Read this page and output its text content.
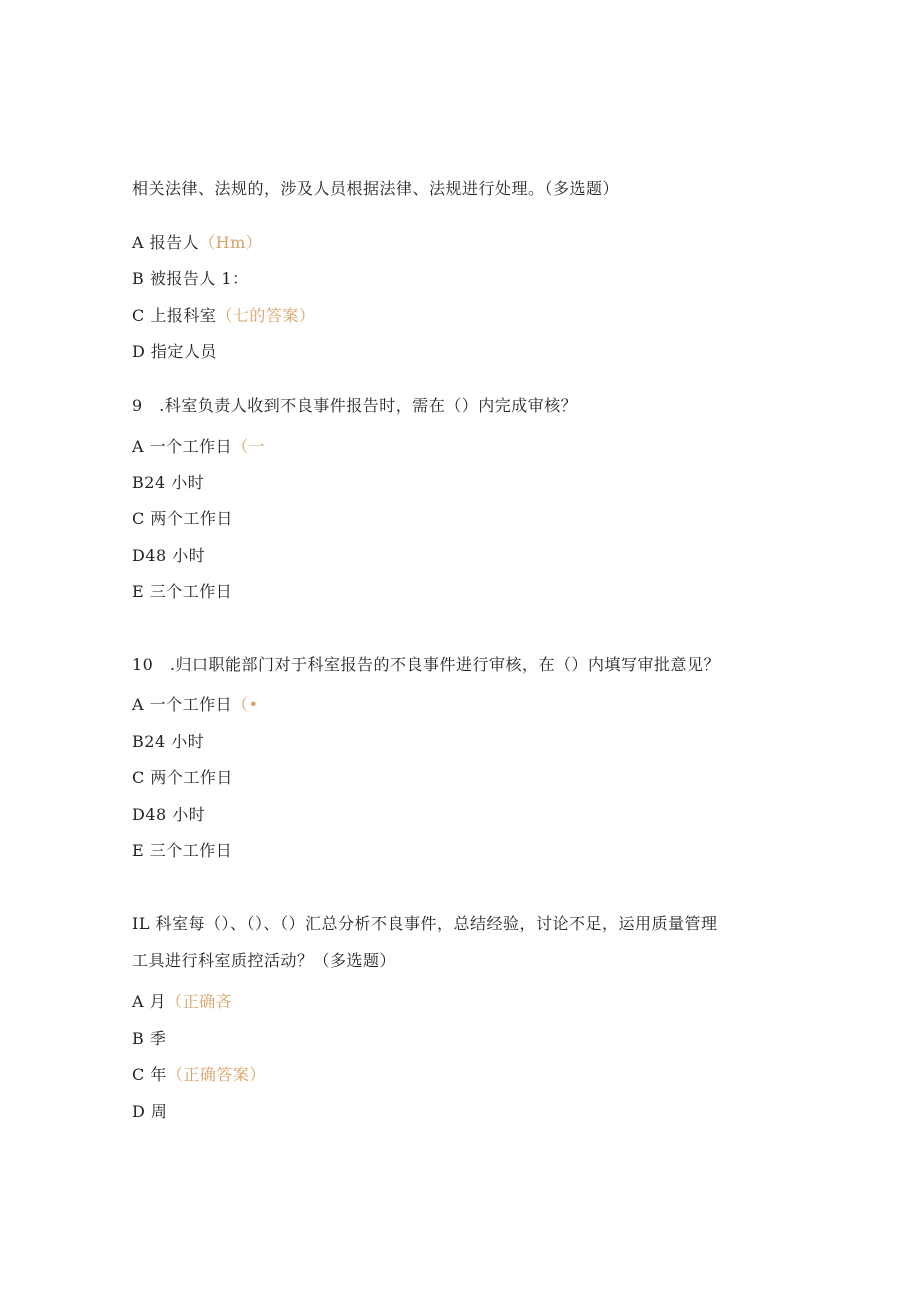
相关法律、法规的，涉及人员根据法律、法规进行处理。（多选题）
A 报告人（Hm）
B 被报告人 1：
C 上报科室（七的答案）
D 指定人员
9　.科室负责人收到不良事件报告时，需在（）内完成审核？
A 一个工作日（一
B24 小时
C 两个工作日
D48 小时
E 三个工作日
10　.归口职能部门对于科室报告的不良事件进行审核，在（）内填写审批意见？
A 一个工作日（•
B24 小时
C 两个工作日
D48 小时
E 三个工作日
IL 科室每（）、（）、（）汇总分析不良事件，总结经验，讨论不足，运用质量管理
工具进行科室质控活动？（多选题）
A 月（正确吝
B 季
C 年（正确答案）
D 周
